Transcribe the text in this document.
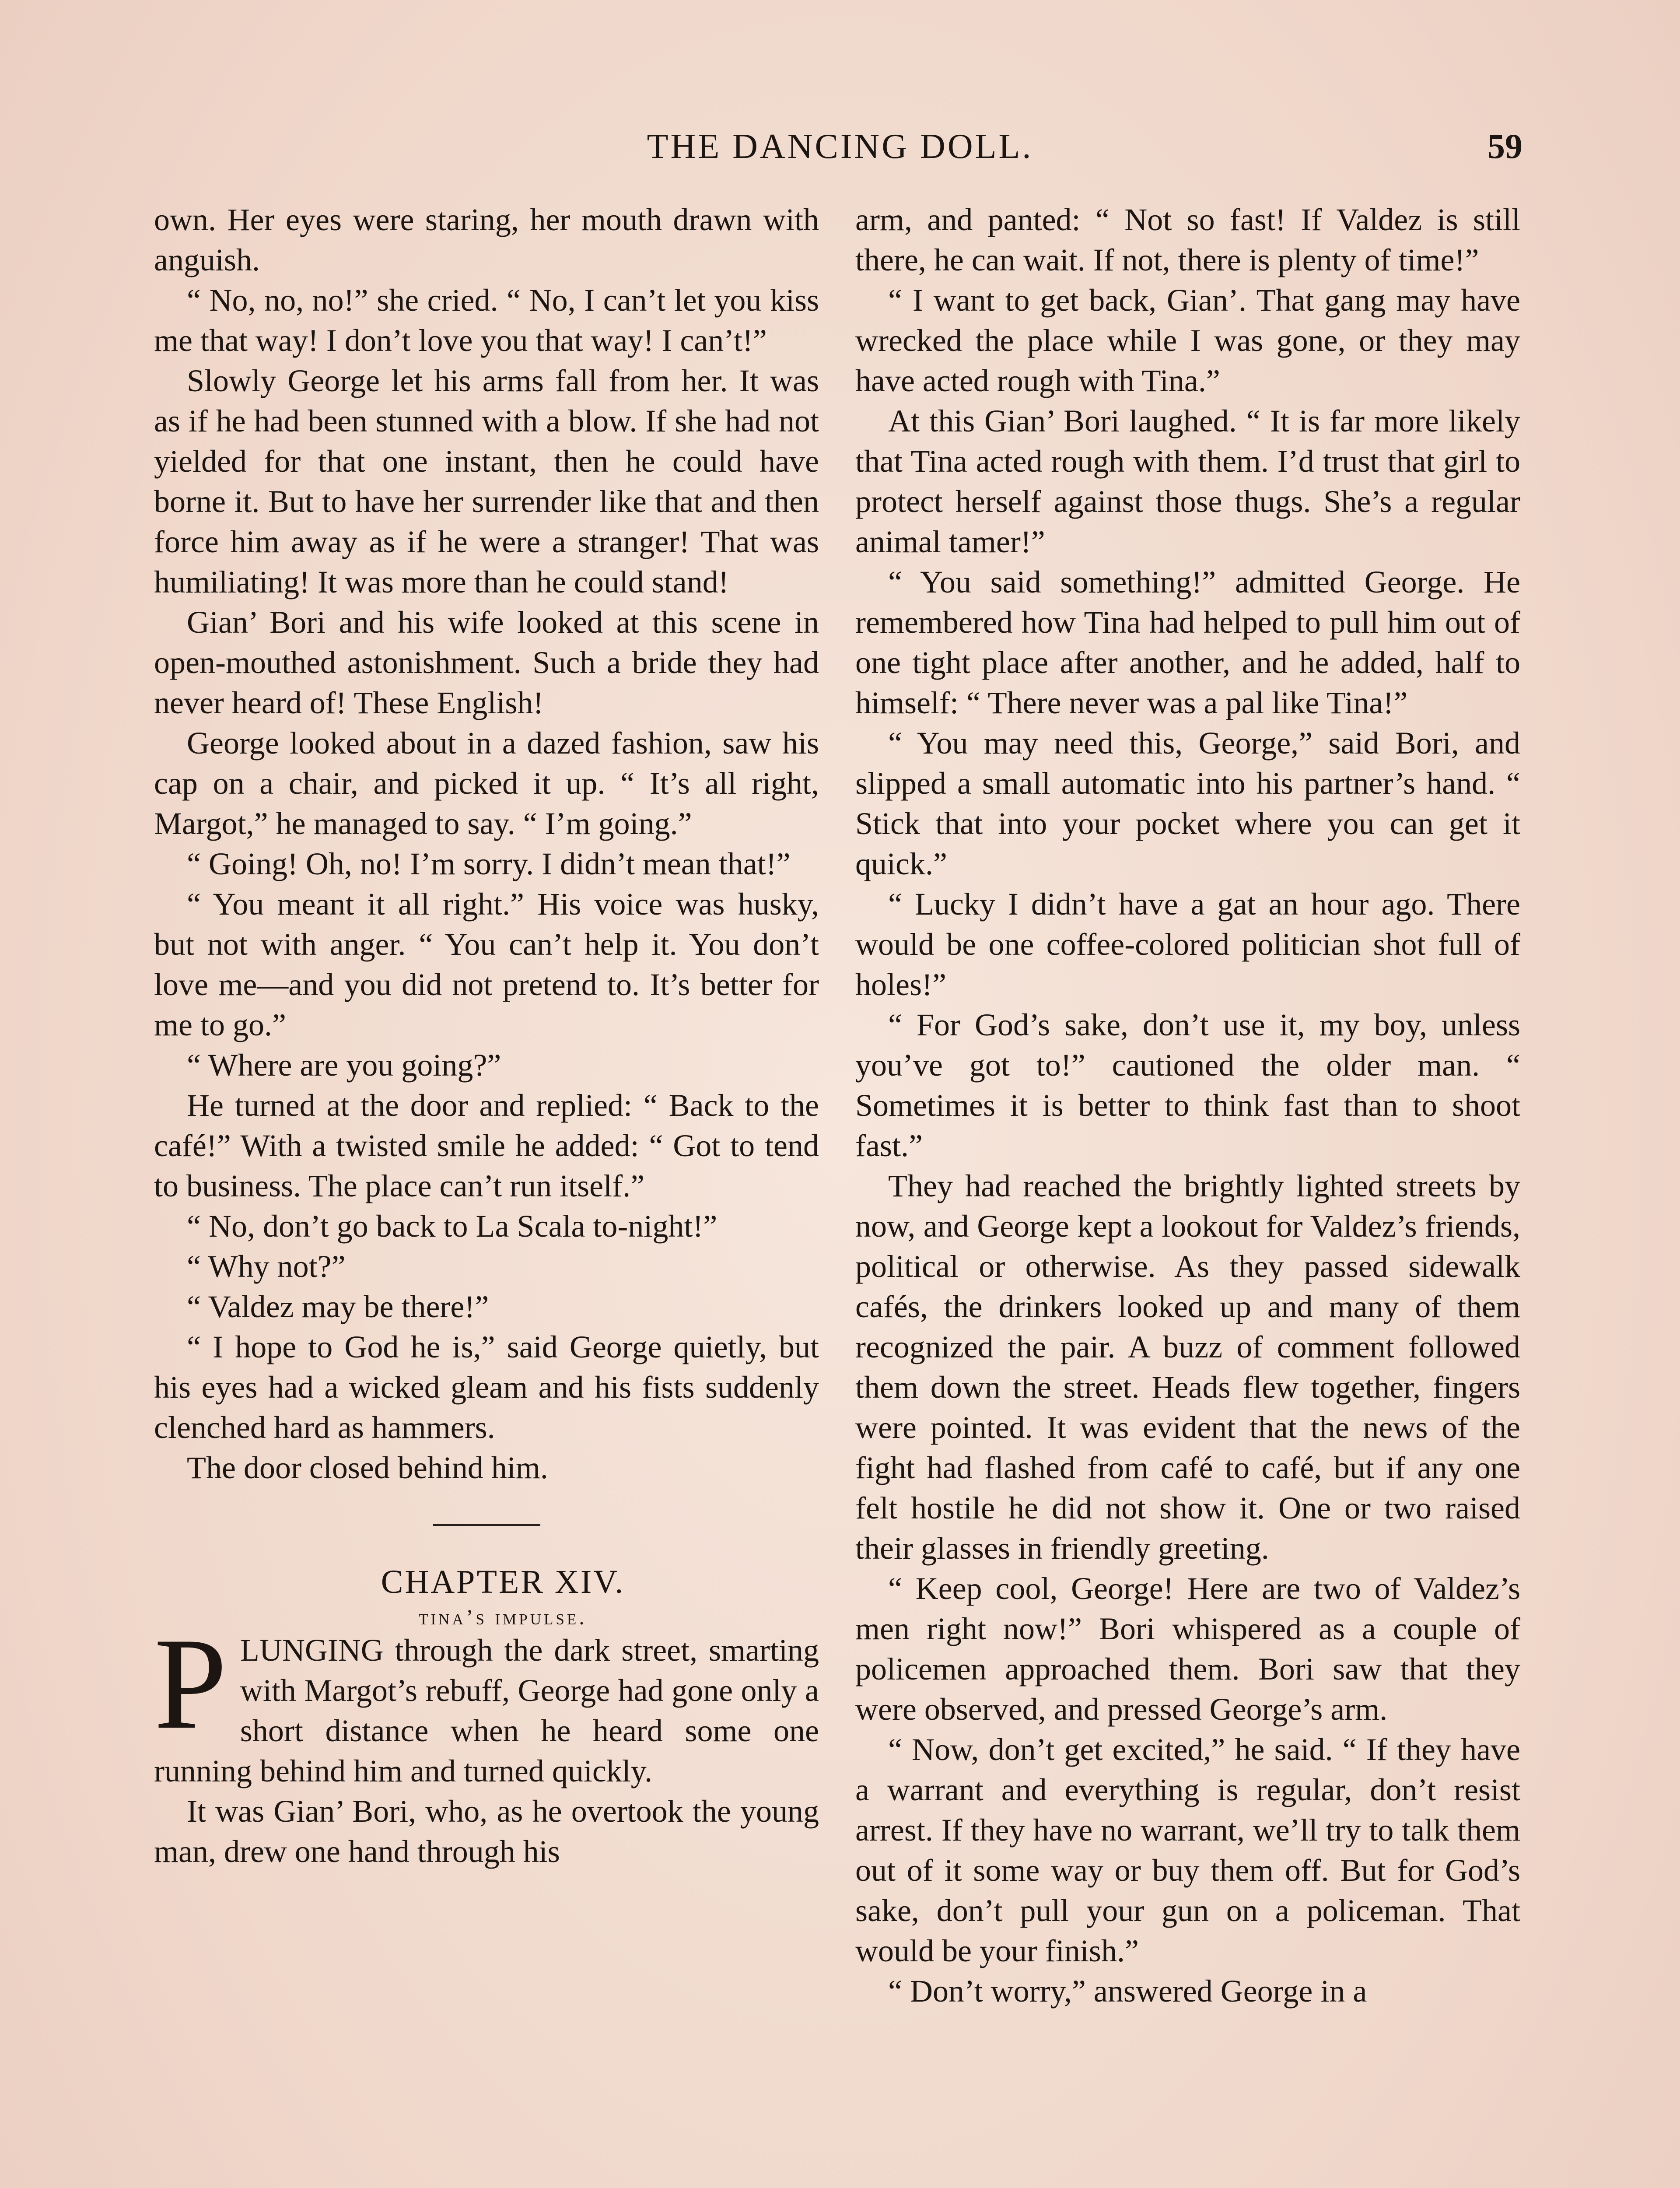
THE DANCING DOLL.	59

own. Her eyes were staring, her mouth drawn with anguish.

“ No, no, no!” she cried. “ No, I can’t let you kiss me that way! I don’t love you that way! I can’t!”

Slowly George let his arms fall from her. It was as if he had been stunned with a blow. If she had not yielded for that one instant, then he could have borne it. But to have her surrender like that and then force him away as if he were a stranger! That was humiliating! It was more than he could stand!

Gian’ Bori and his wife looked at this scene in open-mouthed astonishment. Such a bride they had never heard of! These English!

George looked about in a dazed fashion, saw his cap on a chair, and picked it up. “ It’s all right, Margot,” he managed to say. “ I’m going.”

“ Going! Oh, no! I’m sorry. I didn’t mean that!”

“ You meant it all right.” His voice was husky, but not with anger. “ You can’t help it. You don’t love me—and you did not pretend to. It’s better for me to go.”

“ Where are you going?”

He turned at the door and replied: “ Back to the café!” With a twisted smile he added: “ Got to tend to business. The place can’t run itself.”

“ No, don’t go back to La Scala to-night!”

“ Why not?”

“ Valdez may be there!”

“ I hope to God he is,” said George quietly, but his eyes had a wicked gleam and his fists suddenly clenched hard as hammers.

The door closed behind him.

CHAPTER XIV.

tina’s impulse.

PLUNGING through the dark street, smarting with Margot’s rebuff, George had gone only a short distance when he heard some one running behind him and turned quickly.

It was Gian’ Bori, who, as he overtook the young man, drew one hand through his

arm, and panted: “ Not so fast! If Valdez is still there, he can wait. If not, there is plenty of time!”

“ I want to get back, Gian’. That gang may have wrecked the place while I was gone, or they may have acted rough with Tina.”

At this Gian’ Bori laughed. “ It is far more likely that Tina acted rough with them. I’d trust that girl to protect herself against those thugs. She’s a regular animal tamer!”

“ You said something!” admitted George. He remembered how Tina had helped to pull him out of one tight place after another, and he added, half to himself: “ There never was a pal like Tina!”

“ You may need this, George,” said Bori, and slipped a small automatic into his partner’s hand. “ Stick that into your pocket where you can get it quick.”

“ Lucky I didn’t have a gat an hour ago. There would be one coffee-colored politician shot full of holes!”

“ For God’s sake, don’t use it, my boy, unless you’ve got to!” cautioned the older man. “ Sometimes it is better to think fast than to shoot fast.”

They had reached the brightly lighted streets by now, and George kept a lookout for Valdez’s friends, political or otherwise. As they passed sidewalk cafés, the drinkers looked up and many of them recognized the pair. A buzz of comment followed them down the street. Heads flew together, fingers were pointed. It was evident that the news of the fight had flashed from café to café, but if any one felt hostile he did not show it. One or two raised their glasses in friendly greeting.

“ Keep cool, George! Here are two of Valdez’s men right now!” Bori whispered as a couple of policemen approached them. Bori saw that they were observed, and pressed George’s arm.

“ Now, don’t get excited,” he said. “ If they have a warrant and everything is regular, don’t resist arrest. If they have no warrant, we’ll try to talk them out of it some way or buy them off. But for God’s sake, don’t pull your gun on a policeman. That would be your finish.”

“ Don’t worry,” answered George in a
